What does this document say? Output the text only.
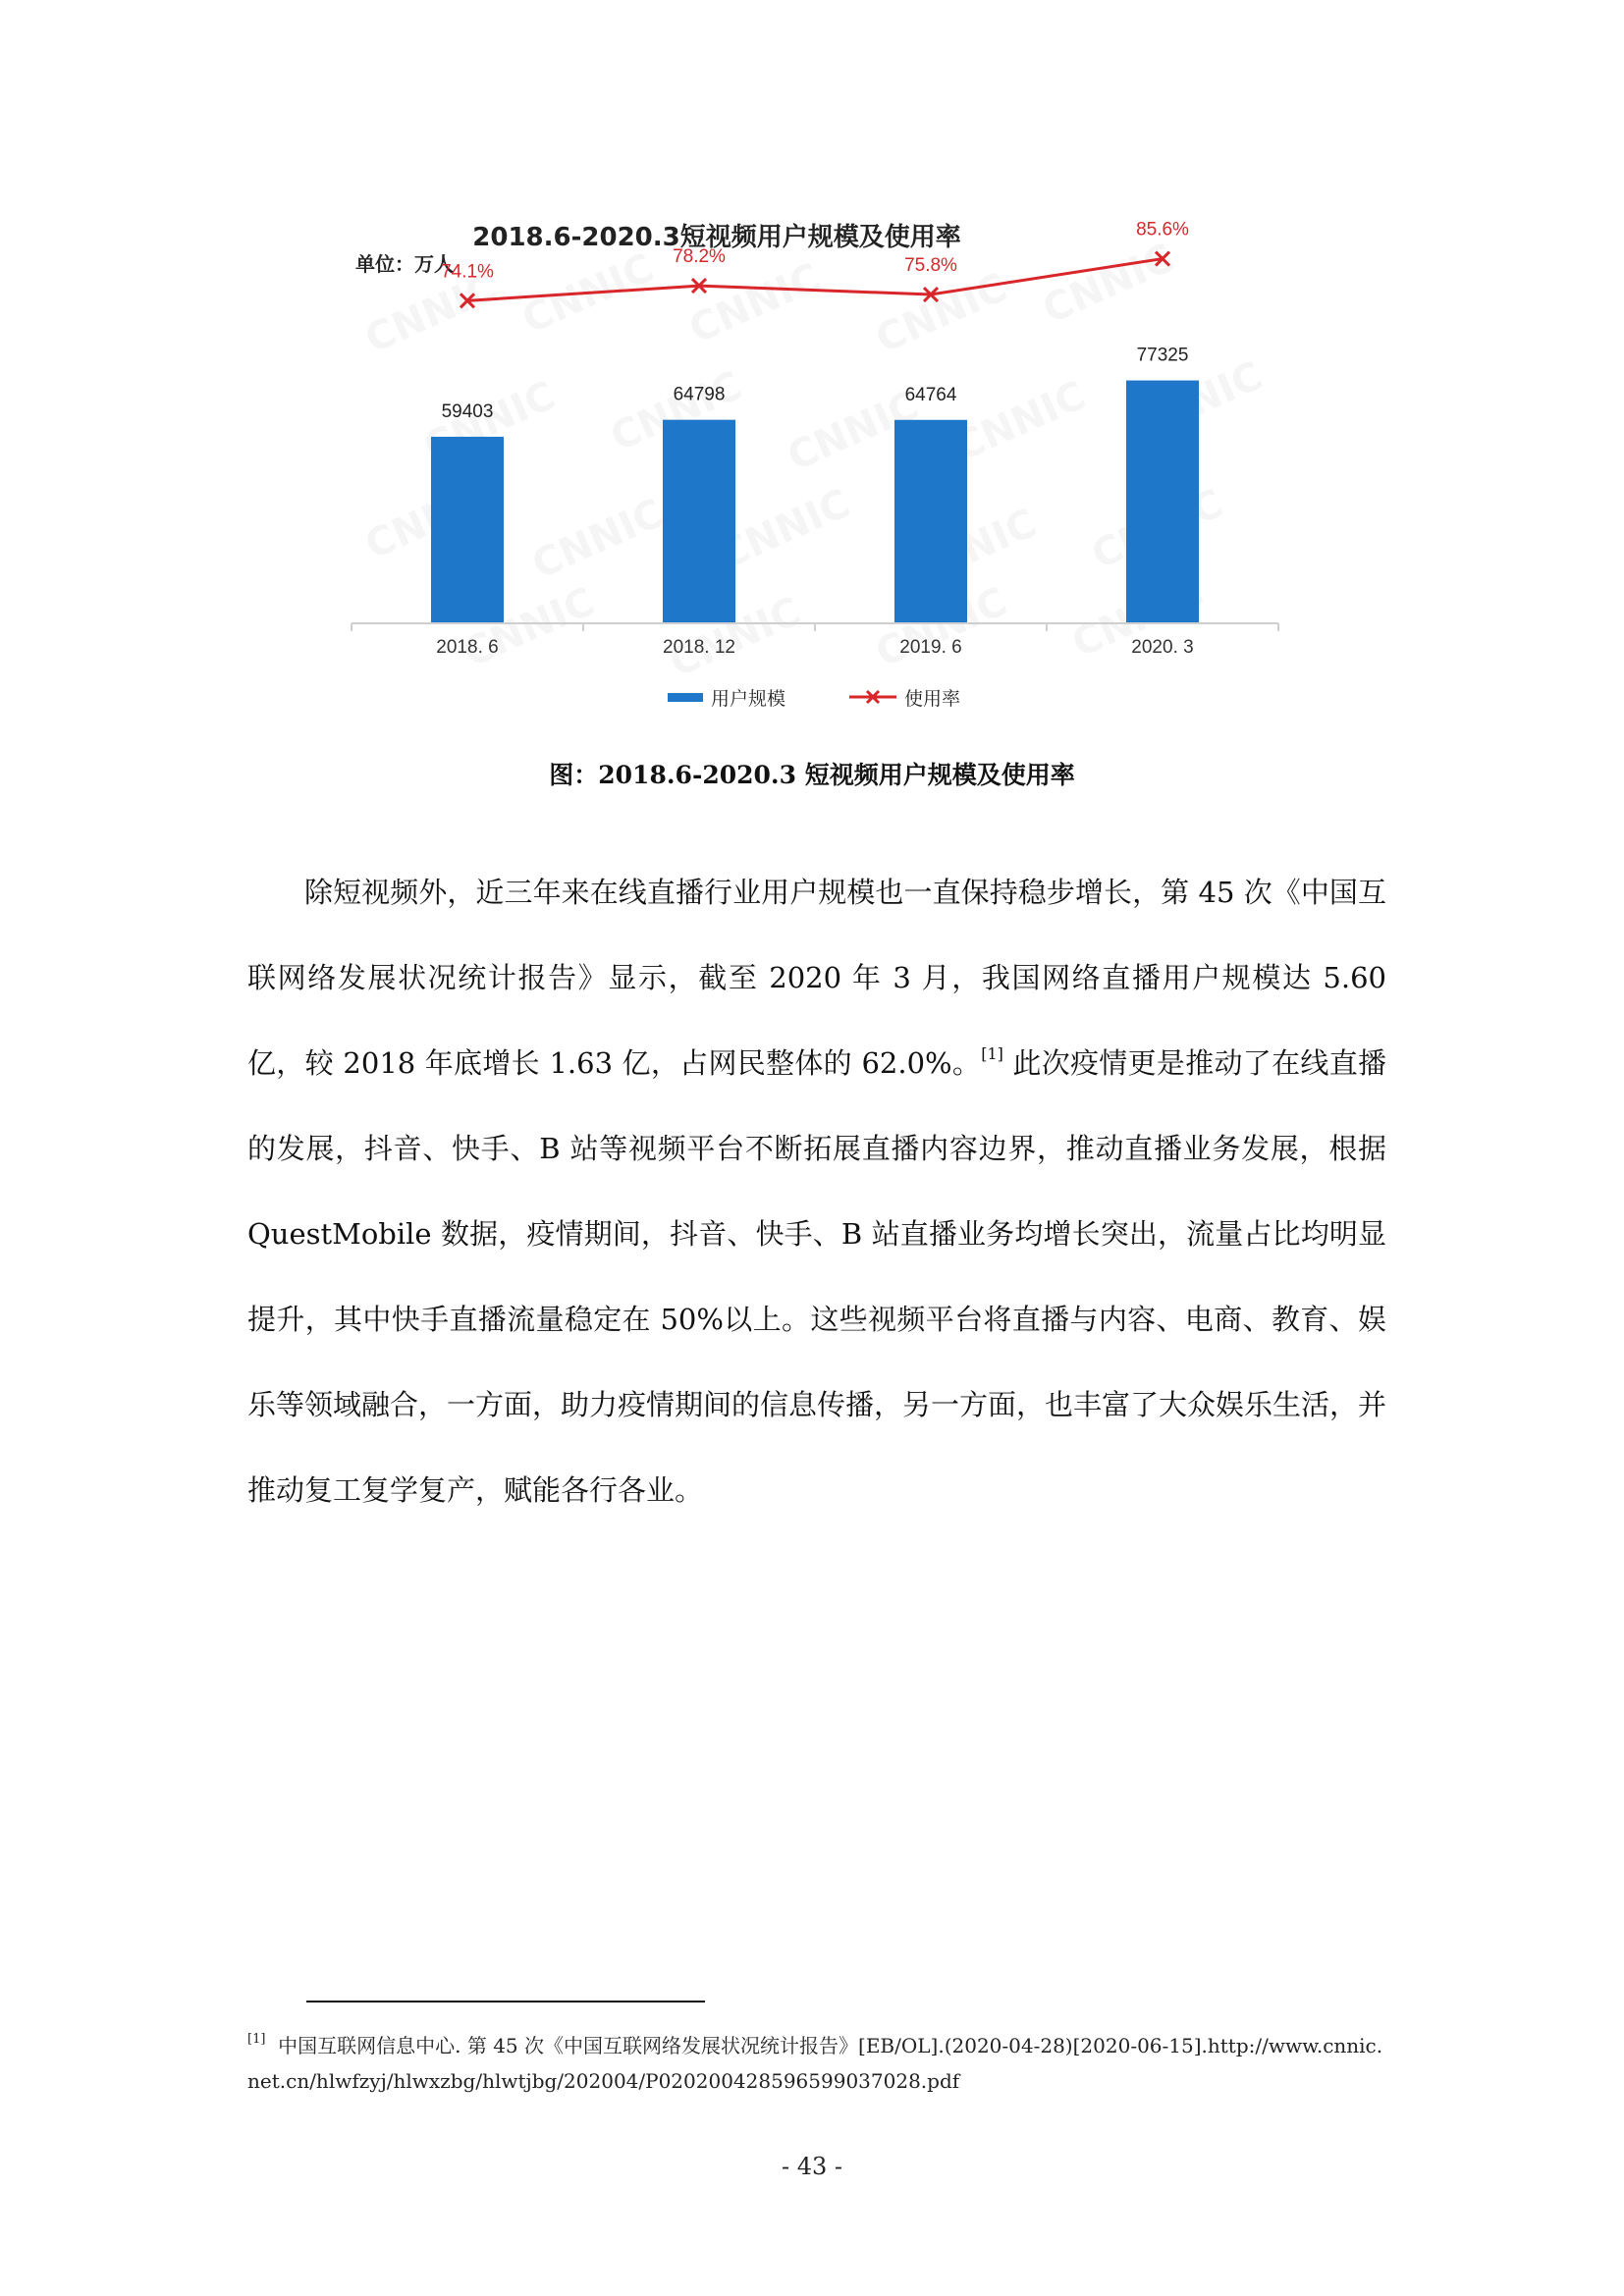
2018.6-2020.3短视频用户规模及使用率
单位：万人
59403
64798	64764
77325
2018. 6	2018. 12	2019. 6	2020. 3
74.1%
78.2%	75.8%
85.6%
用户规模	使用率
图：2018.6-2020.3 短视频用户规模及使用率

除短视频外，近三年来在线直播行业用户规模也一直保持稳步增长，第 45 次《中国互联网络发展状况统计报告》显示，截至 2020 年 3 月，我国网络直播用户规模达 5.60 亿，较 2018 年底增长 1.63 亿，占网民整体的 62.0%。[1] 此次疫情更是推动了在线直播的发展，抖音、快手、B 站等视频平台不断拓展直播内容边界，推动直播业务发展，根据 QuestMobile 数据，疫情期间，抖音、快手、B 站直播业务均增长突出，流量占比均明显提升，其中快手直播流量稳定在 50%以上。这些视频平台将直播与内容、电商、教育、娱乐等领域融合，一方面，助力疫情期间的信息传播，另一方面，也丰富了大众娱乐生活，并推动复工复学复产，赋能各行各业。

[1] 中国互联网信息中心. 第 45 次《中国互联网络发展状况统计报告》[EB/OL].(2020-04-28)[2020-06-15].http://www.cnnic.net.cn/hlwfzyj/hlwxzbg/hlwtjbg/202004/P020200428596599037028.pdf
- 43 -
